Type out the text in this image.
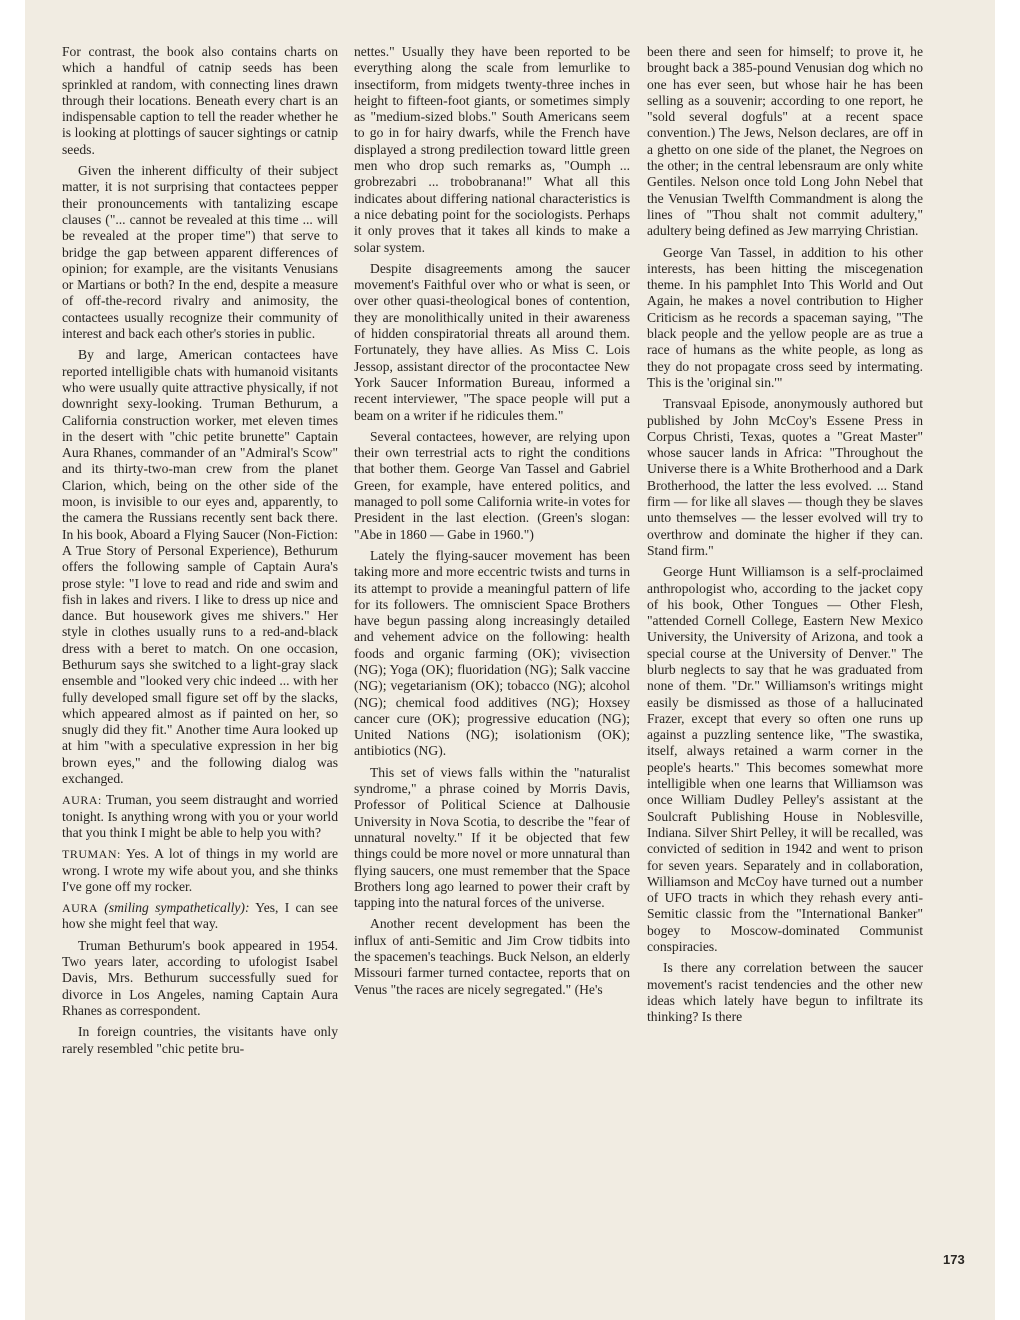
For contrast, the book also contains charts on which a handful of catnip seeds has been sprinkled at random, with connecting lines drawn through their locations. Beneath every chart is an indispensable caption to tell the reader whether he is looking at plottings of saucer sightings or catnip seeds.

Given the inherent difficulty of their subject matter, it is not surprising that contactees pepper their pronouncements with tantalizing escape clauses ("... cannot be revealed at this time ... will be revealed at the proper time") that serve to bridge the gap between apparent differences of opinion; for example, are the visitants Venusians or Martians or both? In the end, despite a measure of off-the-record rivalry and animosity, the contactees usually recognize their community of interest and back each other's stories in public.

By and large, American contactees have reported intelligible chats with humanoid visitants who were usually quite attractive physically, if not downright sexy-looking. Truman Bethurum, a California construction worker, met eleven times in the desert with "chic petite brunette" Captain Aura Rhanes, commander of an "Admiral's Scow" and its thirty-two-man crew from the planet Clarion, which, being on the other side of the moon, is invisible to our eyes and, apparently, to the camera the Russians recently sent back there. In his book, Aboard a Flying Saucer (Non-Fiction: A True Story of Personal Experience), Bethurum offers the following sample of Captain Aura's prose style: "I love to read and ride and swim and fish in lakes and rivers. I like to dress up nice and dance. But housework gives me shivers." Her style in clothes usually runs to a red-and-black dress with a beret to match. On one occasion, Bethurum says she switched to a light-gray slack ensemble and "looked very chic indeed ... with her fully developed small figure set off by the slacks, which appeared almost as if painted on her, so snugly did they fit." Another time Aura looked up at him "with a speculative expression in her big brown eyes," and the following dialog was exchanged.

AURA: Truman, you seem distraught and worried tonight. Is anything wrong with you or your world that you think I might be able to help you with?

TRUMAN: Yes. A lot of things in my world are wrong. I wrote my wife about you, and she thinks I've gone off my rocker.

AURA (smiling sympathetically): Yes, I can see how she might feel that way.

Truman Bethurum's book appeared in 1954. Two years later, according to ufologist Isabel Davis, Mrs. Bethurum successfully sued for divorce in Los Angeles, naming Captain Aura Rhanes as correspondent.

In foreign countries, the visitants have only rarely resembled "chic petite bru-

nettes." Usually they have been reported to be everything along the scale from lemurlike to insectiform, from midgets twenty-three inches in height to fifteen-foot giants, or sometimes simply as "medium-sized blobs." South Americans seem to go in for hairy dwarfs, while the French have displayed a strong predilection toward little green men who drop such remarks as, "Oumph ... grobrezabri ... trobobranana!" What all this indicates about differing national characteristics is a nice debating point for the sociologists. Perhaps it only proves that it takes all kinds to make a solar system.

Despite disagreements among the saucer movement's Faithful over who or what is seen, or over other quasi-theological bones of contention, they are monolithically united in their awareness of hidden conspiratorial threats all around them. Fortunately, they have allies. As Miss C. Lois Jessop, assistant director of the procontactee New York Saucer Information Bureau, informed a recent interviewer, "The space people will put a beam on a writer if he ridicules them."

Several contactees, however, are relying upon their own terrestrial acts to right the conditions that bother them. George Van Tassel and Gabriel Green, for example, have entered politics, and managed to poll some California write-in votes for President in the last election. (Green's slogan: "Abe in 1860 — Gabe in 1960.")

Lately the flying-saucer movement has been taking more and more eccentric twists and turns in its attempt to provide a meaningful pattern of life for its followers. The omniscient Space Brothers have begun passing along increasingly detailed and vehement advice on the following: health foods and organic farming (OK); vivisection (NG); Yoga (OK); fluoridation (NG); Salk vaccine (NG); vegetarianism (OK); tobacco (NG); alcohol (NG); chemical food additives (NG); Hoxsey cancer cure (OK); progressive education (NG); United Nations (NG); isolationism (OK); antibiotics (NG).

This set of views falls within the "naturalist syndrome," a phrase coined by Morris Davis, Professor of Political Science at Dalhousie University in Nova Scotia, to describe the "fear of unnatural novelty." If it be objected that few things could be more novel or more unnatural than flying saucers, one must remember that the Space Brothers long ago learned to power their craft by tapping into the natural forces of the universe.

Another recent development has been the influx of anti-Semitic and Jim Crow tidbits into the spacemen's teachings. Buck Nelson, an elderly Missouri farmer turned contactee, reports that on Venus "the races are nicely segregated." (He's

been there and seen for himself; to prove it, he brought back a 385-pound Venusian dog which no one has ever seen, but whose hair he has been selling as a souvenir; according to one report, he "sold several dogfuls" at a recent space convention.) The Jews, Nelson declares, are off in a ghetto on one side of the planet, the Negroes on the other; in the central lebensraum are only white Gentiles. Nelson once told Long John Nebel that the Venusian Twelfth Commandment is along the lines of "Thou shalt not commit adultery," adultery being defined as Jew marrying Christian.

George Van Tassel, in addition to his other interests, has been hitting the miscegenation theme. In his pamphlet Into This World and Out Again, he makes a novel contribution to Higher Criticism as he records a spaceman saying, "The black people and the yellow people are as true a race of humans as the white people, as long as they do not propagate cross seed by intermating. This is the 'original sin.'"

Transvaal Episode, anonymously authored but published by John McCoy's Essene Press in Corpus Christi, Texas, quotes a "Great Master" whose saucer lands in Africa: "Throughout the Universe there is a White Brotherhood and a Dark Brotherhood, the latter the less evolved. ... Stand firm — for like all slaves — though they be slaves unto themselves — the lesser evolved will try to overthrow and dominate the higher if they can. Stand firm."

George Hunt Williamson is a self-proclaimed anthropologist who, according to the jacket copy of his book, Other Tongues — Other Flesh, "attended Cornell College, Eastern New Mexico University, the University of Arizona, and took a special course at the University of Denver." The blurb neglects to say that he was graduated from none of them. "Dr." Williamson's writings might easily be dismissed as those of a hallucinated Frazer, except that every so often one runs up against a puzzling sentence like, "The swastika, itself, always retained a warm corner in the people's hearts." This becomes somewhat more intelligible when one learns that Williamson was once William Dudley Pelley's assistant at the Soulcraft Publishing House in Noblesville, Indiana. Silver Shirt Pelley, it will be recalled, was convicted of sedition in 1942 and went to prison for seven years. Separately and in collaboration, Williamson and McCoy have turned out a number of UFO tracts in which they rehash every anti-Semitic classic from the "International Banker" bogey to Moscow-dominated Communist conspiracies.

Is there any correlation between the saucer movement's racist tendencies and the other new ideas which lately have begun to infiltrate its thinking? Is there

173
